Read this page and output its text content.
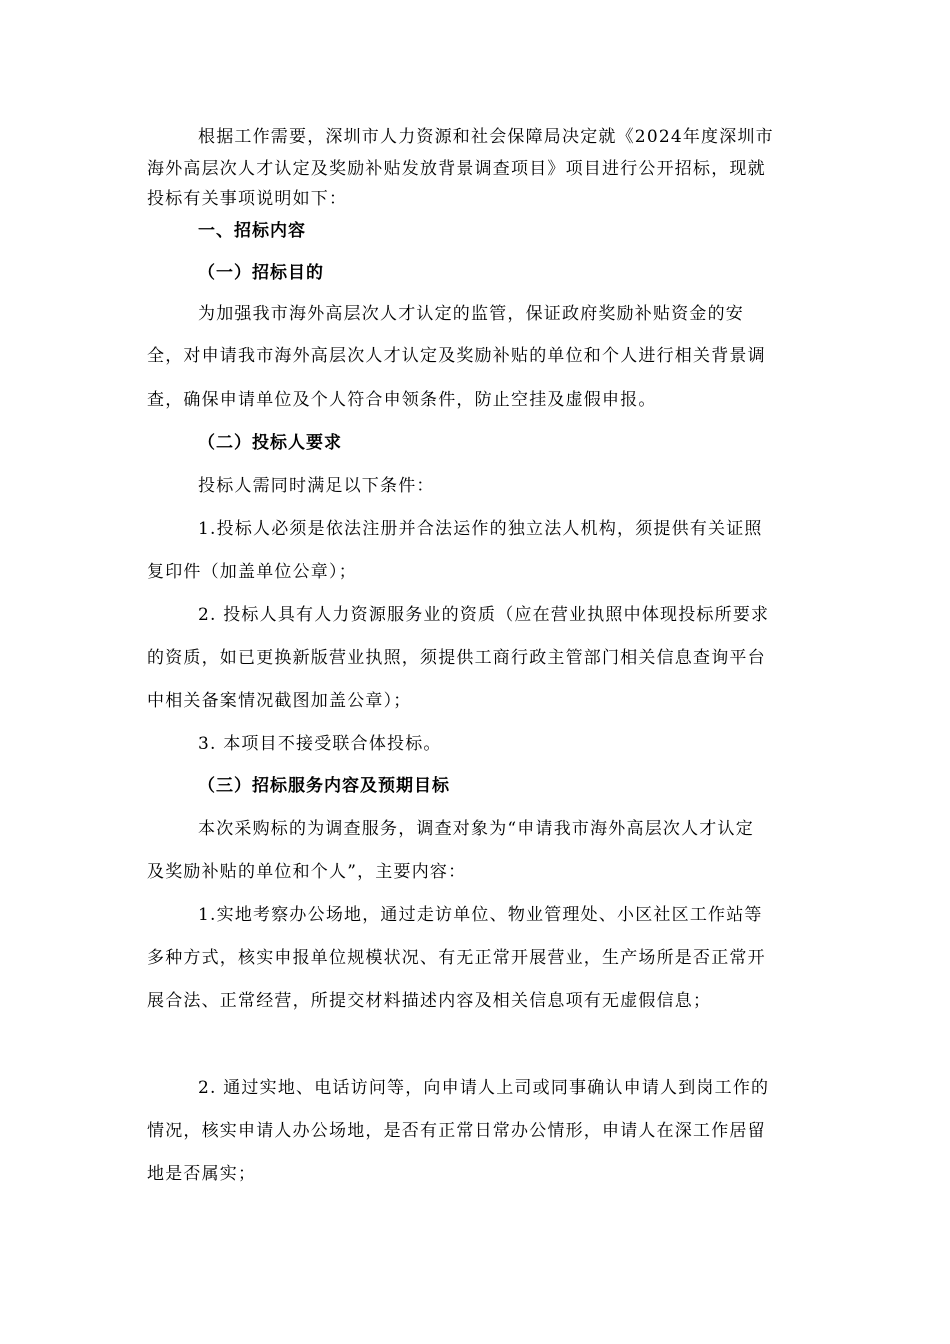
根据工作需要，深圳市人力资源和社会保障局决定就《2024年度深圳市
海外高层次人才认定及奖励补贴发放背景调查项目》项目进行公开招标，现就
投标有关事项说明如下：
一、招标内容
（一）招标目的
为加强我市海外高层次人才认定的监管，保证政府奖励补贴资金的安
全，对申请我市海外高层次人才认定及奖励补贴的单位和个人进行相关背景调
查，确保申请单位及个人符合申领条件，防止空挂及虚假申报。
（二）投标人要求
投标人需同时满足以下条件：
1.投标人必须是依法注册并合法运作的独立法人机构，须提供有关证照
复印件（加盖单位公章）；
2. 投标人具有人力资源服务业的资质（应在营业执照中体现投标所要求
的资质，如已更换新版营业执照，须提供工商行政主管部门相关信息查询平台
中相关备案情况截图加盖公章）；
3. 本项目不接受联合体投标。
（三）招标服务内容及预期目标
本次采购标的为调查服务，调查对象为“申请我市海外高层次人才认定
及奖励补贴的单位和个人”，主要内容：
1.实地考察办公场地，通过走访单位、物业管理处、小区社区工作站等
多种方式，核实申报单位规模状况、有无正常开展营业，生产场所是否正常开
展合法、正常经营，所提交材料描述内容及相关信息项有无虚假信息；
2. 通过实地、电话访问等，向申请人上司或同事确认申请人到岗工作的
情况，核实申请人办公场地，是否有正常日常办公情形，申请人在深工作居留
地是否属实；
